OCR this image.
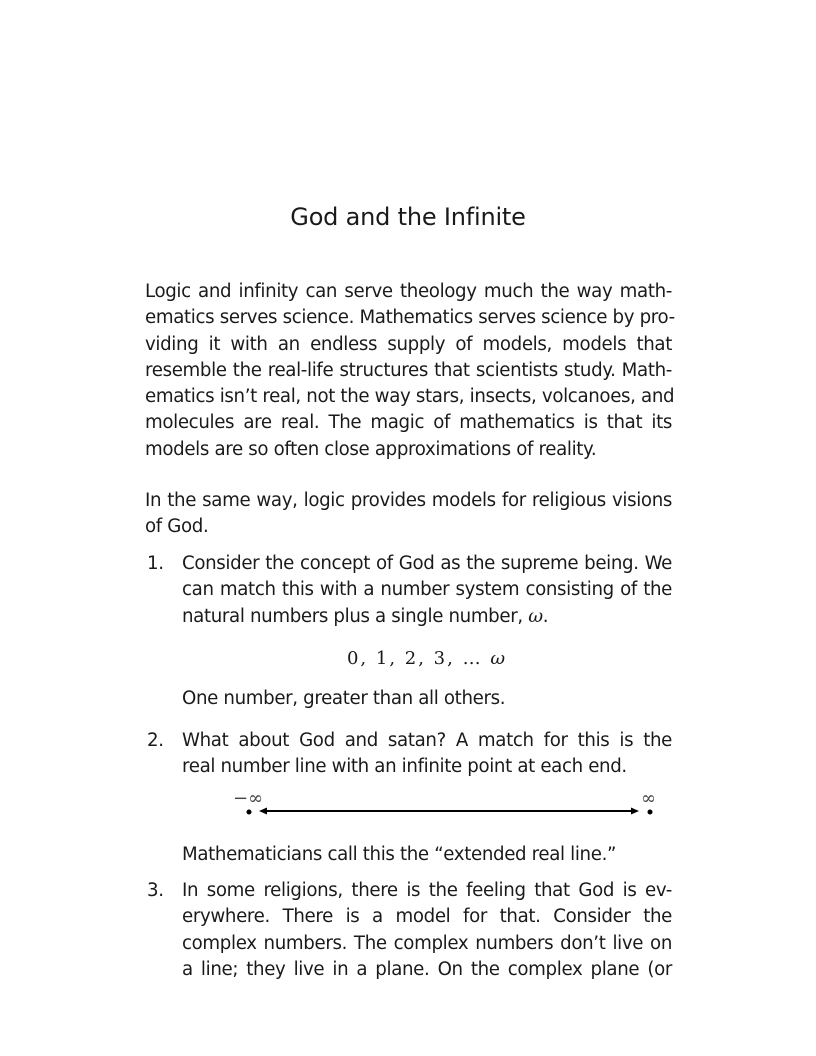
God and the Infinite
Logic and infinity can serve theology much the way math-
ematics serves science. Mathematics serves science by pro-
viding it with an endless supply of models, models that
resemble the real-life structures that scientists study. Math-
ematics isn’t real, not the way stars, insects, volcanoes, and
molecules are real. The magic of mathematics is that its
models are so often close approximations of reality.
In the same way, logic provides models for religious visions
of God.
1. Consider the concept of God as the supreme being. We
can match this with a number system consisting of the
natural numbers plus a single number, ω.
0, 1, 2, 3, … ω
One number, greater than all others.
2. What about God and satan? A match for this is the
real number line with an infinite point at each end.
−∞	∞
Mathematicians call this the “extended real line.”
3. In some religions, there is the feeling that God is ev-
erywhere. There is a model for that. Consider the
complex numbers. The complex numbers don’t live on
a line; they live in a plane. On the complex plane (or
